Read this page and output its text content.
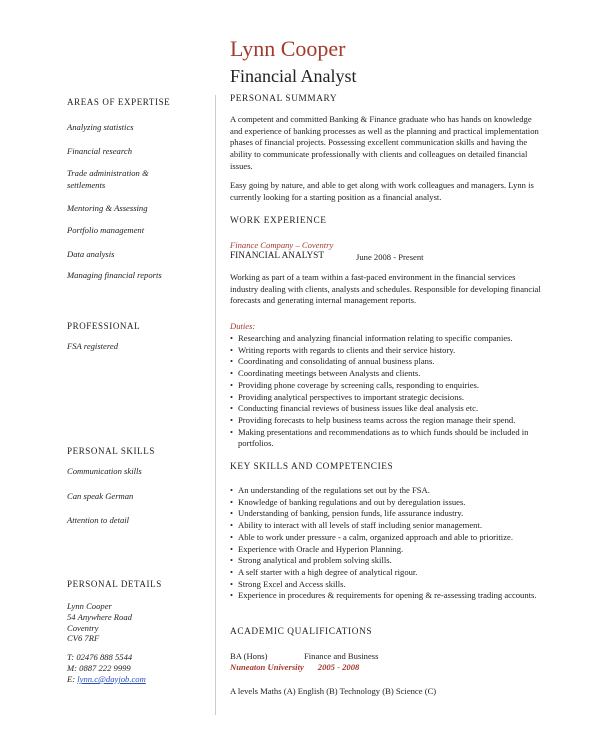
Lynn Cooper
Financial Analyst
AREAS OF EXPERTISE
Analyzing statistics
Financial research
Trade administration &
settlements
Mentoring & Assessing
Portfolio management
Data analysis
Managing financial reports
PROFESSIONAL
FSA registered
PERSONAL SKILLS
Communication skills
Can speak German
Attention to detail
PERSONAL DETAILS
Lynn Cooper
54 Anywhere Road
Coventry
CV6 7RF
T: 02476 888 5544
M: 0887 222 9999
E: lynn.c@dayjob.com
PERSONAL SUMMARY
A competent and committed Banking & Finance graduate who has hands on knowledge and experience of banking processes as well as the planning and practical implementation phases of financial projects. Possessing excellent communication skills and having the ability to communicate professionally with clients and colleagues on detailed financial issues.
Easy going by nature, and able to get along with work colleagues and managers. Lynn is currently looking for a starting position as a financial analyst.
WORK EXPERIENCE
Finance Company – Coventry
FINANCIAL ANALYST	June 2008 - Present
Working as part of a team within a fast-paced environment in the financial services industry dealing with clients, analysts and schedules. Responsible for developing financial forecasts and generating internal management reports.
Duties:
• Researching and analyzing financial information relating to specific companies.
• Writing reports with regards to clients and their service history.
• Coordinating and consolidating of annual business plans.
• Coordinating meetings between Analysts and clients.
• Providing phone coverage by screening calls, responding to enquiries.
• Providing analytical perspectives to important strategic decisions.
• Conducting financial reviews of business issues like deal analysis etc.
• Providing forecasts to help business teams across the region manage their spend.
• Making presentations and recommendations as to which funds should be included in portfolios.
KEY SKILLS AND COMPETENCIES
• An understanding of the regulations set out by the FSA.
• Knowledge of banking regulations and out by deregulation issues.
• Understanding of banking, pension funds, life assurance industry.
• Ability to interact with all levels of staff including senior management.
• Able to work under pressure - a calm, organized approach and able to prioritize.
• Experience with Oracle and Hyperion Planning.
• Strong analytical and problem solving skills.
• A self starter with a high degree of analytical rigour.
• Strong Excel and Access skills.
• Experience in procedures & requirements for opening & re-assessing trading accounts.
ACADEMIC QUALIFICATIONS
BA (Hons)	Finance and Business
Nuneaton University 2005 - 2008
A levels Maths (A) English (B) Technology (B) Science (C)
